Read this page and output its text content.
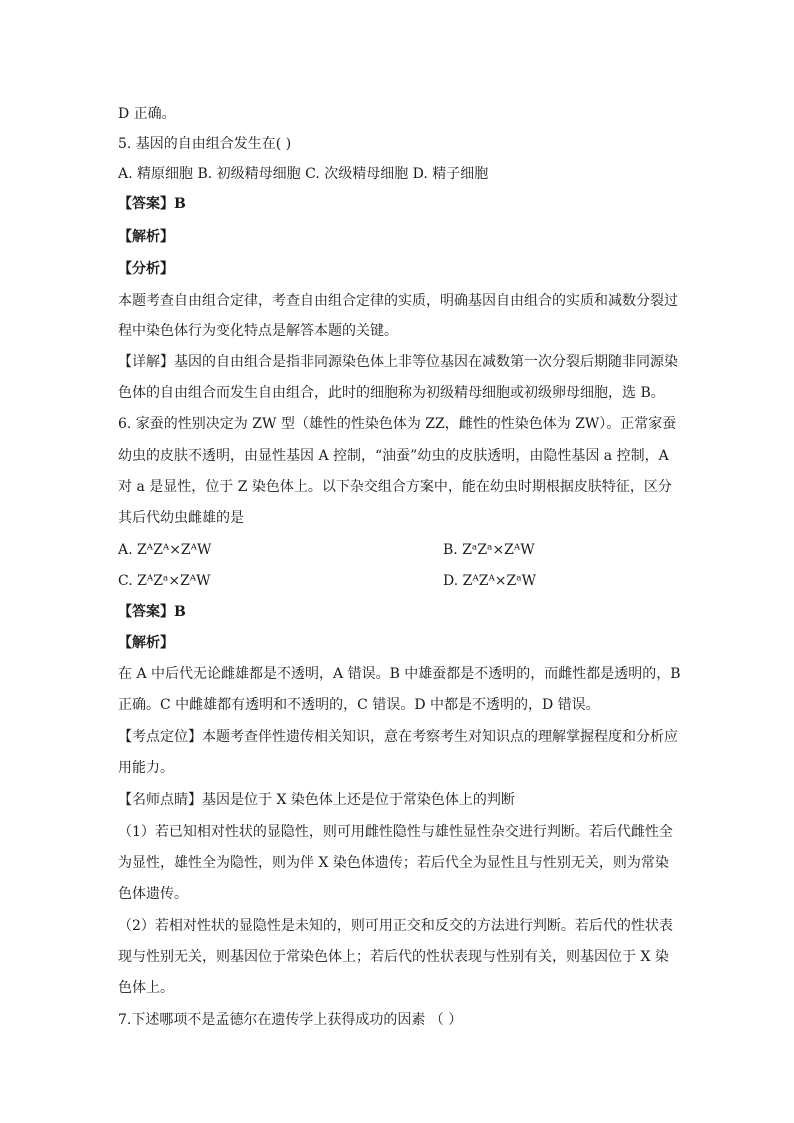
D 正确。
5. 基因的自由组合发生在( )
A. 精原细胞 B. 初级精母细胞 C. 次级精母细胞 D. 精子细胞
【答案】B
【解析】
【分析】
本题考查自由组合定律，考查自由组合定律的实质，明确基因自由组合的实质和减数分裂过
程中染色体行为变化特点是解答本题的关键。
【详解】基因的自由组合是指非同源染色体上非等位基因在减数第一次分裂后期随非同源染
色体的自由组合而发生自由组合，此时的细胞称为初级精母细胞或初级卵母细胞，选 B。
6. 家蚕的性别决定为 ZW 型（雄性的性染色体为 ZZ，雌性的性染色体为 ZW）。正常家蚕
幼虫的皮肤不透明，由显性基因 A 控制，“油蚕”幼虫的皮肤透明，由隐性基因 a 控制，A
对 a 是显性，位于 Z 染色体上。以下杂交组合方案中，能在幼虫时期根据皮肤特征，区分
其后代幼虫雌雄的是
A. ZᴬZᴬ×ZᴬW	B. ZᵃZᵃ×ZᴬW
C. ZᴬZᵃ×ZᴬW	D. ZᴬZᴬ×ZᵃW
【答案】B
【解析】
在 A 中后代无论雌雄都是不透明，A 错误。B 中雄蚕都是不透明的，而雌性都是透明的，B
正确。C 中雌雄都有透明和不透明的，C 错误。D 中都是不透明的，D 错误。
【考点定位】本题考查伴性遗传相关知识，意在考察考生对知识点的理解掌握程度和分析应
用能力。
【名师点睛】基因是位于 X 染色体上还是位于常染色体上的判断
（1）若已知相对性状的显隐性，则可用雌性隐性与雄性显性杂交进行判断。若后代雌性全
为显性，雄性全为隐性，则为伴 X 染色体遗传；若后代全为显性且与性别无关，则为常染
色体遗传。
（2）若相对性状的显隐性是未知的，则可用正交和反交的方法进行判断。若后代的性状表
现与性别无关，则基因位于常染色体上；若后代的性状表现与性别有关，则基因位于 X 染
色体上。
7.下述哪项不是孟德尔在遗传学上获得成功的因素 （ ）
